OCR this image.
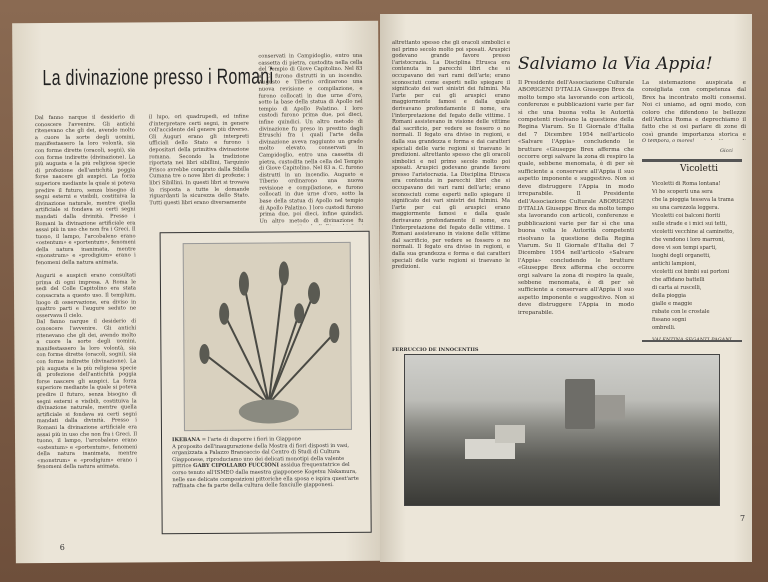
La divinazione presso i Romani
Dal fanno narque il desiderio di conoscere l'avvenire. Gli antichi ritenevano che gli dei, avendo molto a cuore la sorte degli uomini, manifestassero la loro volontà, sia con forme dirette (oracoli, sogni), sia con forme indirette (divinazione). La più augusta e la più religiosa specie di profezione dell'antichità poggia forse nascere gli auspici. La forza superiore mediante la quale si poteva predire il futuro, senza bisogno di segni esterni e visibili, costituiva la divinazione naturale, mentre quella artificiale si fondava su certi segni mandati dalla divinità. Presso i Romani la divinazione artificiale era assai più in uso che non fra i Greci. Il tuono, il lampo, l'arcobaleno erano «ostentum» e «portentum», fenomeni della natura inanimata, mentre «monstrum» e «prodigium» erano i fenomeni della natura animata.

Augurii e auspicii erano consultati prima di ogni impresa. A Roma le sedi del Colle Capitolino era stata consacrata a questo uso. Il templum, luogo di osservazione, era diviso in quattro parti e l'augure seduto ne osservava il cielo.
Dal fanno narque il desiderio di conoscere l'avvenire. Gli antichi ritenevano che gli dei, avendo molto a cuore la sorte degli uomini, manifestassero la loro volontà, sia con forme dirette (oracoli, sogni), sia con forme indirette (divinazione). La più augusta e la più religiosa specie di profezione dell'antichità poggia forse nascere gli auspici. La forza superiore mediante la quale si poteva predire il futuro, senza bisogno di segni esterni e visibili, costituiva la divinazione naturale, mentre quella artificiale si fondava su certi segni mandati dalla divinità. Presso i Romani la divinazione artificiale era assai più in uso che non fra i Greci. Il tuono, il lampo, l'arcobaleno erano «ostentum» e «portentum», fenomeni della natura inanimata, mentre «monstrum» e «prodigium» erano i fenomeni della natura animata.
il lupo, ori quadrupedi, ed infine d'interpretare certi segni, in genere coll'accidente del genere più diverso. Gli Àuguri erano gli interpreti ufficiali dello Stato e furono i depositari della primitiva divinazione romana. Secondo la tradizione riportata nei libri sibillini, Tarquinio Prisco avrebbe comprato dalla Sibilla Cumana tre o nove libri di profezie: i libri Sibillini. In questi libri si trovava la risposta a tutte le domande riguardanti la sicurezza dello Stato. Tutti questi libri erano diversamente
conservati in Campidoglio, entro una cassetta di pietra, custodita nella cella del Tempio di Giove Capitolino. Nel 83 a. C. furono distrutti in un incendio. Augusto e Tiberio ordinarono una nuova revisione e compilazione, e furono collocati in due urne d'oro, sotto la base della statua di Apollo nel tempio di Apollo Palatino. I loro custodi furono prima due, poi dieci, infine quindici. Un altro metodo di divinazione fu preso in prestito dagli Etruschi fra i quali l'arte della divinazione aveva raggiunto un grado molto elevato. conservati in Campidoglio, entro una cassetta di pietra, custodita nella cella del Tempio di Giove Capitolino. Nel 83 a. C. furono distrutti in un incendio. Augusto e Tiberio ordinarono una nuova revisione e compilazione, e furono collocati in due urne d'oro, sotto la base della statua di Apollo nel tempio di Apollo Palatino. I loro custodi furono prima due, poi dieci, infine quindici. Un altro metodo di divinazione fu
IKEBANA = l'arte di disporre i fiori in Giappone
A proposito dell'inaugurazione della Mostra di fiori disposti in vasi, organizzata a Palazzo Brancaccio dal Centro di Studi di Cultura Giapponese, riproduciamo uno dei delicati monotipi della valente pittrice GABY CIPOLLARO FUCCIONI assidua frequentatrice del corso tenuto all'ISMEO dalla maestra giapponese Kogetsu Nakamura, nelle sue delicate composizioni pittoriche ella sposa e ispira quest'arte raffinata che fa parte della cultura delle fanciulle giapponesi.
6
altrettanto spesso che gli oracoli simbolici e nel primo secolo molto poi sposati. Aruspici godevano grande favore presso l'aristocrazia. La Disciplina Etrusca era contenuta in parecchi libri che si occupavano dei vari rami dell'arte; erano sconosciuti come esperti nello spiegare il significato dei vari sinistri dei fulmini. Ma l'arte per cui gli aruspici erano maggiormente famosi e dalla quale derivavano profondamente il nome, era l'interpretazione del fegato delle vittime. I Romani assistevano in visione delle vittime dal sacrificio, per vedere se fossero o no normali. Il fegato era diviso in regioni, e dalla sua grandezza e forma e dai caratteri speciali delle varie regioni si traevano le predizioni. altrettanto spesso che gli oracoli simbolici e nel primo secolo molto poi sposati. Aruspici godevano grande favore presso l'aristocrazia. La Disciplina Etrusca era contenuta in parecchi libri che si occupavano dei vari rami dell'arte; erano sconosciuti come esperti nello spiegare il significato dei vari sinistri dei fulmini. Ma l'arte per cui gli aruspici erano maggiormente famosi e dalla quale derivavano profondamente il nome, era l'interpretazione del fegato delle vittime. I Romani assistevano in visione delle vittime dal sacrificio, per vedere se fossero o no normali. Il fegato era diviso in regioni, e dalla sua grandezza e forma e dai caratteri speciali delle varie regioni si traevano le predizioni.
FERRUCCIO DE INNOCENTIIS
Salviamo la Via Appia!
Il Presidente dell'Associazione Culturale ABORIGENI D'ITALIA Giuseppe Brex da molto tempo sta lavorando con articoli, conferenze e pubblicazioni varie per far sì che una buona volta le Autorità competenti risolvano la questione della Regina Viarum. Su Il Giornale d'Italia del 7 Dicembre 1954 nell'articolo «Salvare l'Appia» concludendo le brutture «Giuseppe Brex afferma che occorre orgi salvare la zona di respiro la quale, sebbene menomata, è di per sè sufficiente a conservare all'Appia il suo aspetto imponente e suggestivo. Non si deve distruggere l'Appia in modo irreparabile.	Il Presidente dell'Associazione Culturale ABORIGENI D'ITALIA Giuseppe Brex da molto tempo sta lavorando con articoli, conferenze e pubblicazioni varie per far sì che una buona volta le Autorità competenti risolvano la questione della Regina Viarum. Su Il Giornale d'Italia del 7 Dicembre 1954 nell'articolo «Salvare l'Appia» concludendo le brutture «Giuseppe Brex afferma che occorre orgi salvare la zona di respiro la quale, sebbene menomata, è di per sè sufficiente a conservare all'Appia il suo aspetto imponente e suggestivo. Non si deve distruggere l'Appia in modo irreparabile.
La sistemazione auspicata e consigliata con competenza dal Brex ha incontrato molti consensi. Noi ci uniamo, ad ogni modo, con coloro che difendono le bellezze dell'Antica Roma e deprechiamo il fatto che si osi parlare di zone di così grande importanza storica e
O tempora, o mores!
Gicci
Vicoletti
Vicoletti di Roma lontana!
Vi ho scoperti una sera
che la pioggia tesseva la trama
su una carezzola leggera.
Vicoletti coi balconi fioriti
sulle strade e i mici sui tetti,
vicoletti vecchine al caminetto,
che vendono i loro marroni,
dove vi son tempi sparti,
luoghi degli organetti,
antichi lampioni,
vicoletti coi bimbi sui portoni
che affidano battelli
di carta ai ruscelli,
della pioggia
gialle e maggie
rubate con le crostale
fissano sogni
ombrelli.
7
